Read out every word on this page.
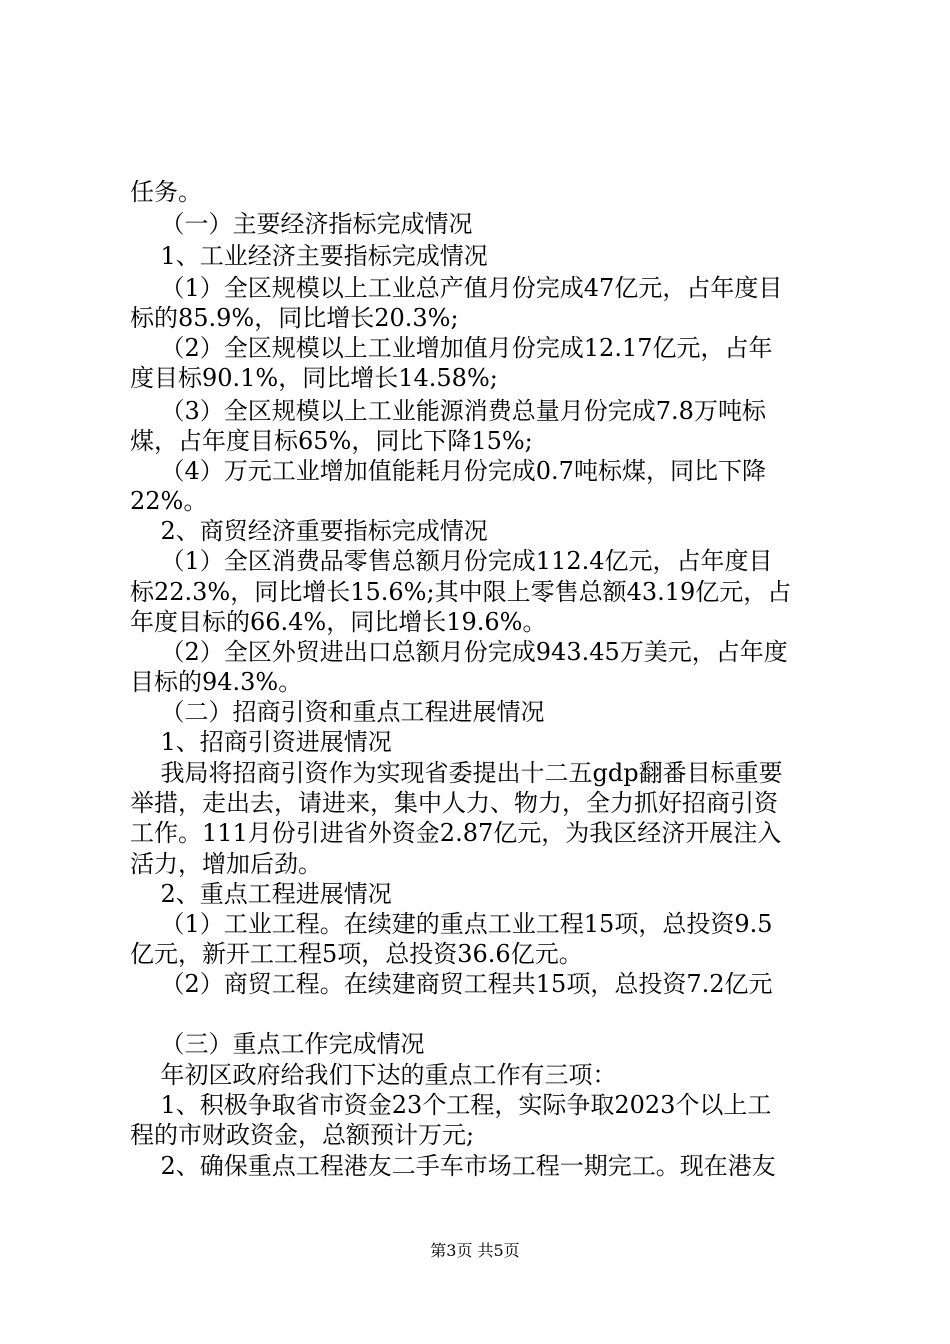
任务。
（一）主要经济指标完成情况
1、工业经济主要指标完成情况
（1）全区规模以上工业总产值月份完成47亿元，占年度目
标的85.9%，同比增长20.3%;
（2）全区规模以上工业增加值月份完成12.17亿元，占年
度目标90.1%，同比增长14.58%;
（3）全区规模以上工业能源消费总量月份完成7.8万吨标
煤，占年度目标65%，同比下降15%;
（4）万元工业增加值能耗月份完成0.7吨标煤，同比下降
22%。
2、商贸经济重要指标完成情况
（1）全区消费品零售总额月份完成112.4亿元，占年度目
标22.3%，同比增长15.6%;其中限上零售总额43.19亿元，占
年度目标的66.4%，同比增长19.6%。
（2）全区外贸进出口总额月份完成943.45万美元，占年度
目标的94.3%。
（二）招商引资和重点工程进展情况
1、招商引资进展情况
我局将招商引资作为实现省委提出十二五gdp翻番目标重要
举措，走出去，请进来，集中人力、物力，全力抓好招商引资
工作。111月份引进省外资金2.87亿元，为我区经济开展注入
活力，增加后劲。
2、重点工程进展情况
（1）工业工程。在续建的重点工业工程15项，总投资9.5
亿元，新开工工程5项，总投资36.6亿元。
（2）商贸工程。在续建商贸工程共15项，总投资7.2亿元
（三）重点工作完成情况
年初区政府给我们下达的重点工作有三项：
1、积极争取省市资金23个工程，实际争取2023个以上工
程的市财政资金，总额预计万元;
2、确保重点工程港友二手车市场工程一期完工。现在港友
第3页 共5页
